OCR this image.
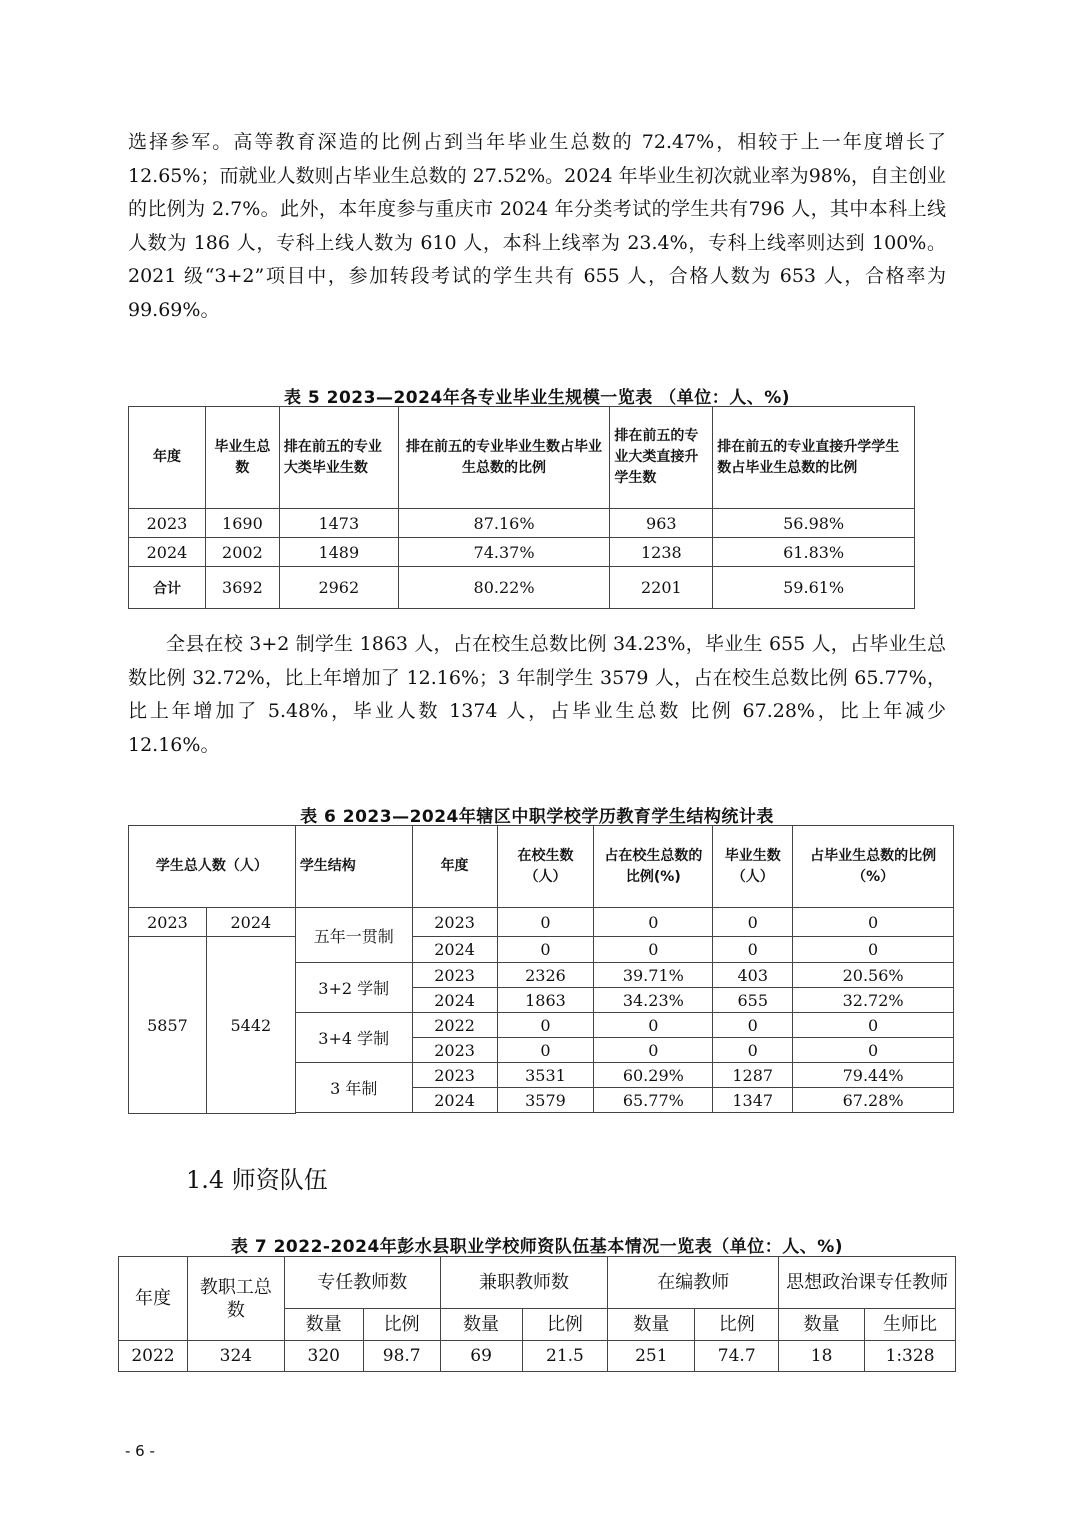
选择参军。高等教育深造的比例占到当年毕业生总数的 72.47%，相较于上一年度增长了 12.65%；而就业人数则占毕业生总数的 27.52%。2024 年毕业生初次就业率为98%，自主创业的比例为 2.7%。此外，本年度参与重庆市 2024 年分类考试的学生共有796 人，其中本科上线人数为 186 人，专科上线人数为 610 人，本科上线率为 23.4%，专科上线率则达到 100%。2021 级“3+2”项目中，参加转段考试的学生共有 655 人，合格人数为 653 人，合格率为 99.69%。

表 5 2023—2024年各专业毕业生规模一览表 （单位：人、%)
年度	毕业生总数	排在前五的专业大类毕业生数	排在前五的专业毕业生数占毕业生总数的比例	排在前五的专业大类直接升学生数	排在前五的专业直接升学学生数占毕业生总数的比例
2023	1690	1473	87.16%	963	56.98%
2024	2002	1489	74.37%	1238	61.83%
合计	3692	2962	80.22%	2201	59.61%

全县在校 3+2 制学生 1863 人，占在校生总数比例 34.23%，毕业生 655 人，占毕业生总数比例 32.72%，比上年增加了 12.16%；3 年制学生 3579 人，占在校生总数比例 65.77%，比上年增加了 5.48%，毕业人数 1374 人，占毕业生总数 比例 67.28%，比上年减少 12.16%。

表 6 2023—2024年辖区中职学校学历教育学生结构统计表
学生总人数（人）		学生结构	年度	在校生数（人）	占在校生总数的比例(%)	毕业生数（人）	占毕业生总数的比例（%）
2023	2024	五年一贯制	2023	0	0	0	0
5857	5442		2024	0	0	0	0
		3+2 学制	2023	2326	39.71%	403	20.56%
			2024	1863	34.23%	655	32.72%
		3+4 学制	2022	0	0	0	0
			2023	0	0	0	0
		3 年制	2023	3531	60.29%	1287	79.44%
			2024	3579	65.77%	1347	67.28%

1.4 师资队伍
表 7 2022-2024年彭水县职业学校师资队伍基本情况一览表（单位：人、%)
年度	教职工总数	专任教师数		兼职教师数		在编教师		思想政治课专任教师	
		数量	比例	数量	比例	数量	比例	数量	生师比
2022	324	320	98.7	69	21.5	251	74.7	18	1:328
- 6 -
